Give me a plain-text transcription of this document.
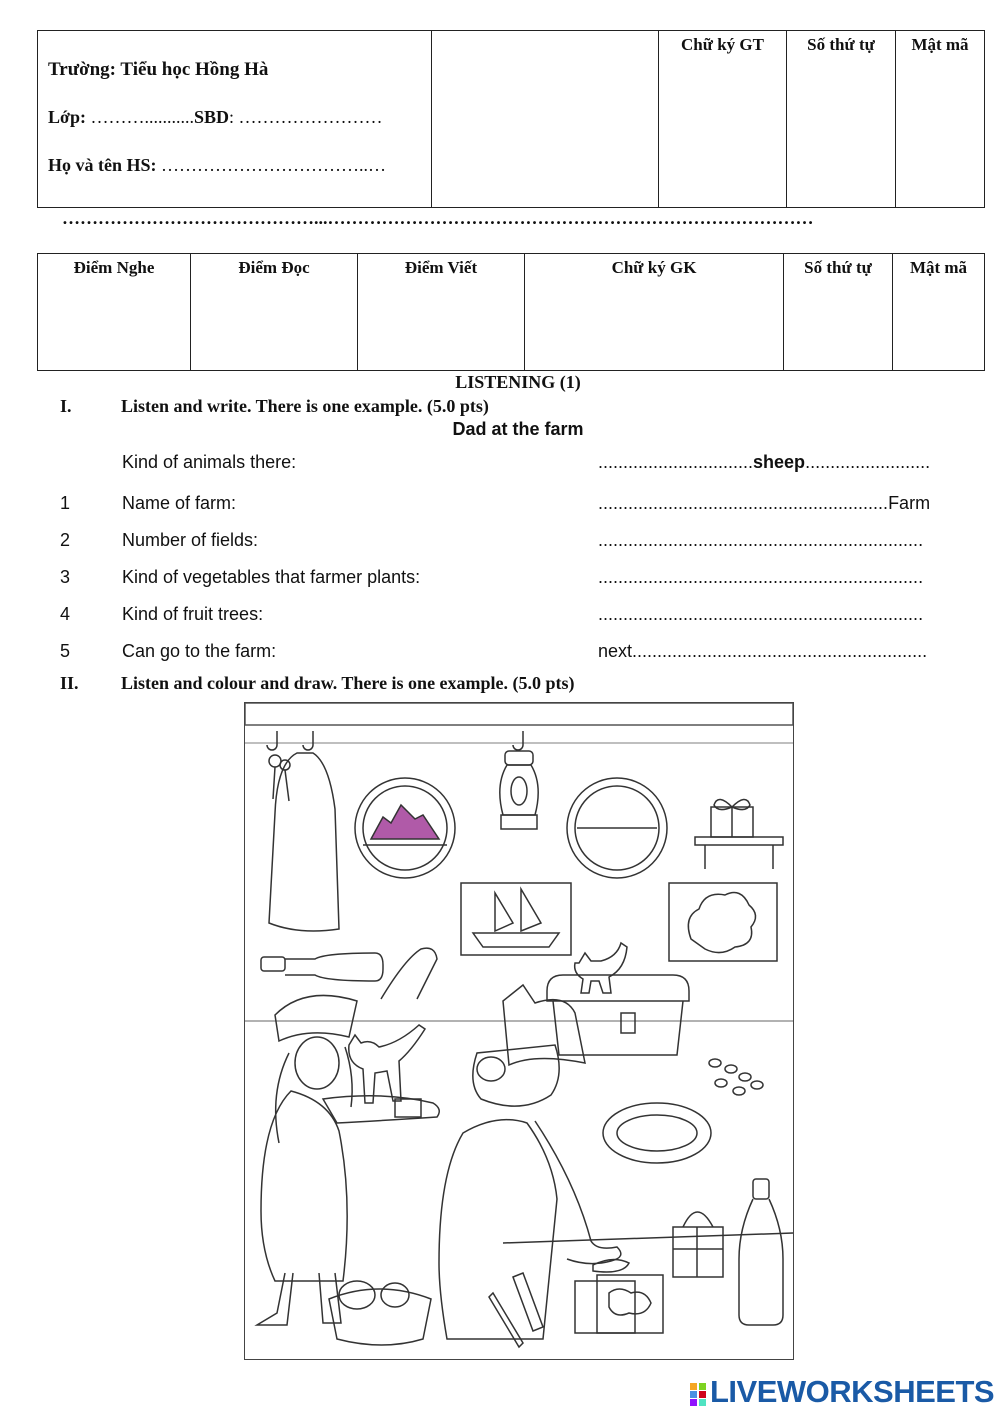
Trường: Tiểu học Hồng Hà
Lớp: ………...........SBD: ……………………
Họ và tên HS: ……………………………..…

Chữ ký GT	Số thứ tự	Mật mã
……………………………………...………………………………………………………………………
Điểm Nghe	Điểm Đọc	Điểm Viết	Chữ ký GK	Số thứ tự	Mật mã
LISTENING (1)
I.	Listen and write. There is one example. (5.0 pts)
Dad at the farm
Kind of animals there:	...............................sheep.........................
1	Name of farm:	..........................................................Farm
2	Number of fields:	.................................................................
3	Kind of vegetables that farmer plants:	.................................................................
4	Kind of fruit trees:	.................................................................
5	Can go to the farm:	next...........................................................
II. Listen and colour and draw. There is one example. (5.0 pts)
LIVEWORKSHEETS
